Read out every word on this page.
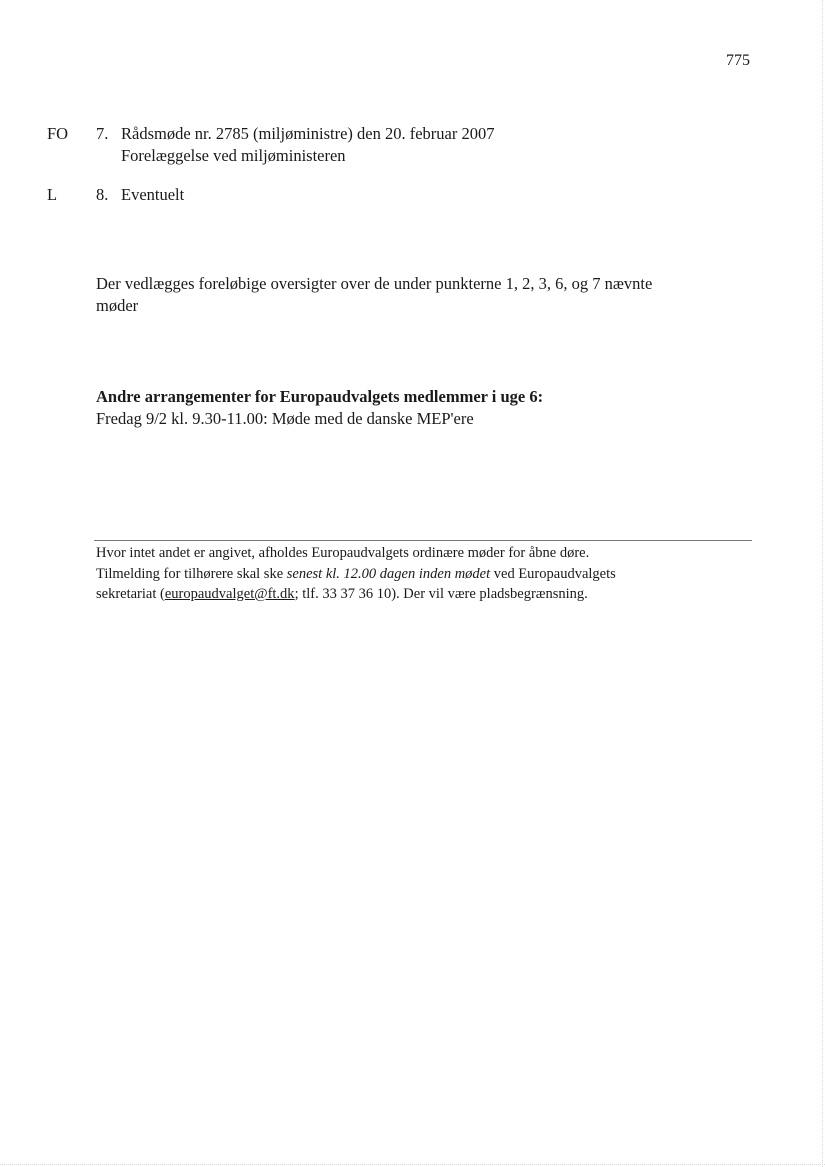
775
FO 7. Rådsmøde nr. 2785 (miljøministre) den 20. februar 2007
Forelæggelse ved miljøministeren
L 8. Eventuelt
Der vedlægges foreløbige oversigter over de under punkterne 1, 2, 3, 6, og 7 nævnte
møder
Andre arrangementer for Europaudvalgets medlemmer i uge 6:
Fredag 9/2 kl. 9.30-11.00: Møde med de danske MEP'ere
Hvor intet andet er angivet, afholdes Europaudvalgets ordinære møder for åbne døre.
Tilmelding for tilhørere skal ske senest kl. 12.00 dagen inden mødet ved Europaudvalgets
sekretariat (europaudvalget@ft.dk; tlf. 33 37 36 10). Der vil være pladsbegrænsning.
